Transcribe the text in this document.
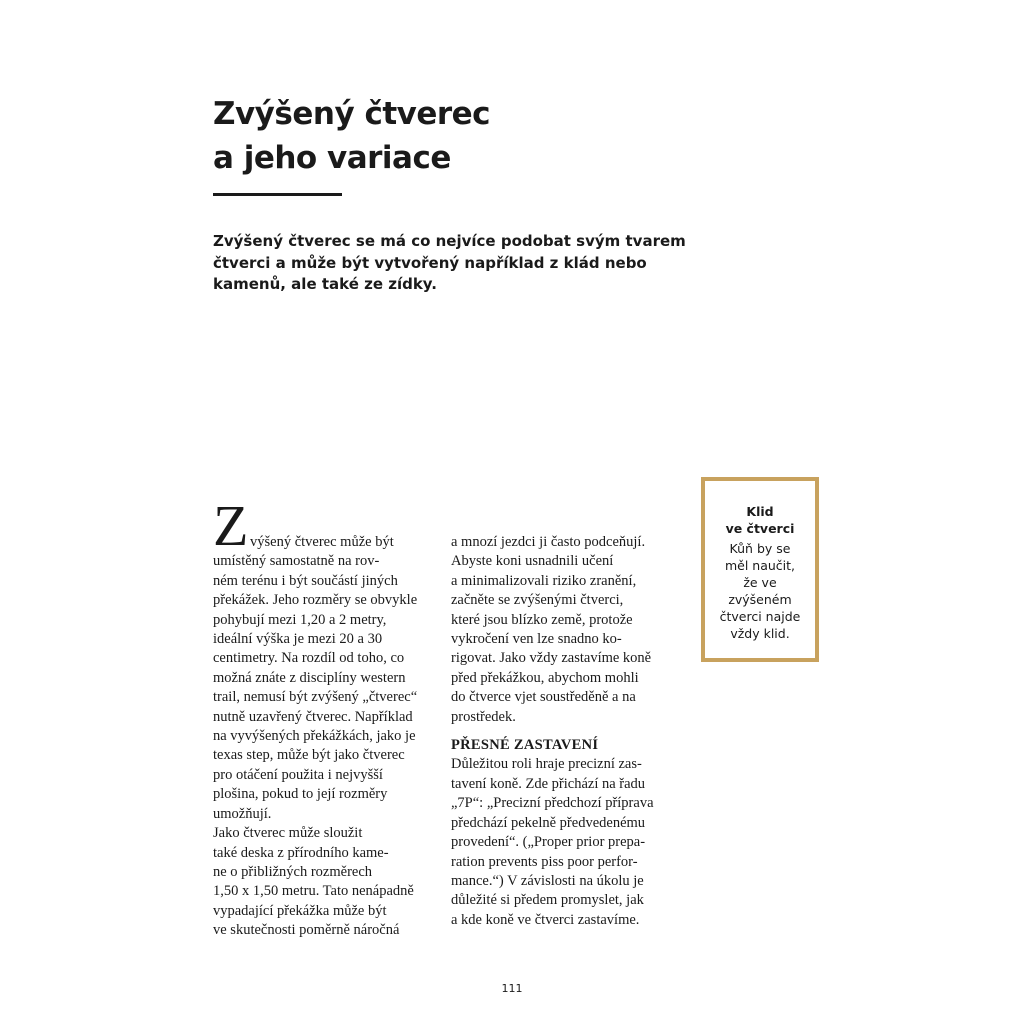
Zvýšený čtverec
a jeho variace

Zvýšený čtverec se má co nejvíce podobat svým tvarem
čtverci a může být vytvořený například z klád nebo
kamenů, ale také ze zídky.

Z výšený čtverec může být
umístěný samostatně na rov-
ném terénu i být součástí jiných
překážek. Jeho rozměry se obvykle
pohybují mezi 1,20 a 2 metry,
ideální výška je mezi 20 a 30
centimetry. Na rozdíl od toho, co
možná znáte z disciplíny western
trail, nemusí být zvýšený „čtverec“
nutně uzavřený čtverec. Například
na vyvýšených překážkách, jako je
texas step, může být jako čtverec
pro otáčení použita i nejvyšší
plošina, pokud to její rozměry
umožňují.
Jako čtverec může sloužit
také deska z přírodního kame-
ne o přibližných rozměrech
1,50 x 1,50 metru. Tato nenápadně
vypadající překážka může být
ve skutečnosti poměrně náročná
a mnozí jezdci ji často podceňují.
Abyste koni usnadnili učení
a minimalizovali riziko zranění,
začněte se zvýšenými čtverci,
které jsou blízko země, protože
vykročení ven lze snadno ko-
rigovat. Jako vždy zastavíme koně
před překážkou, abychom mohli
do čtverce vjet soustředěně a na
prostředek.
PŘESNÉ ZASTAVENÍ
Důležitou roli hraje precizní zas-
tavení koně. Zde přichází na řadu
„7P“: „Precizní předchozí příprava
předchází pekelně předvedenému
provedení“. („Proper prior prepa-
ration prevents piss poor perfor-
mance.“) V závislosti na úkolu je
důležité si předem promyslet, jak
a kde koně ve čtverci zastavíme.
Klid
ve čtverci
Kůň by se
měl naučit,
že ve
zvýšeném
čtverci najde
vždy klid.
111
